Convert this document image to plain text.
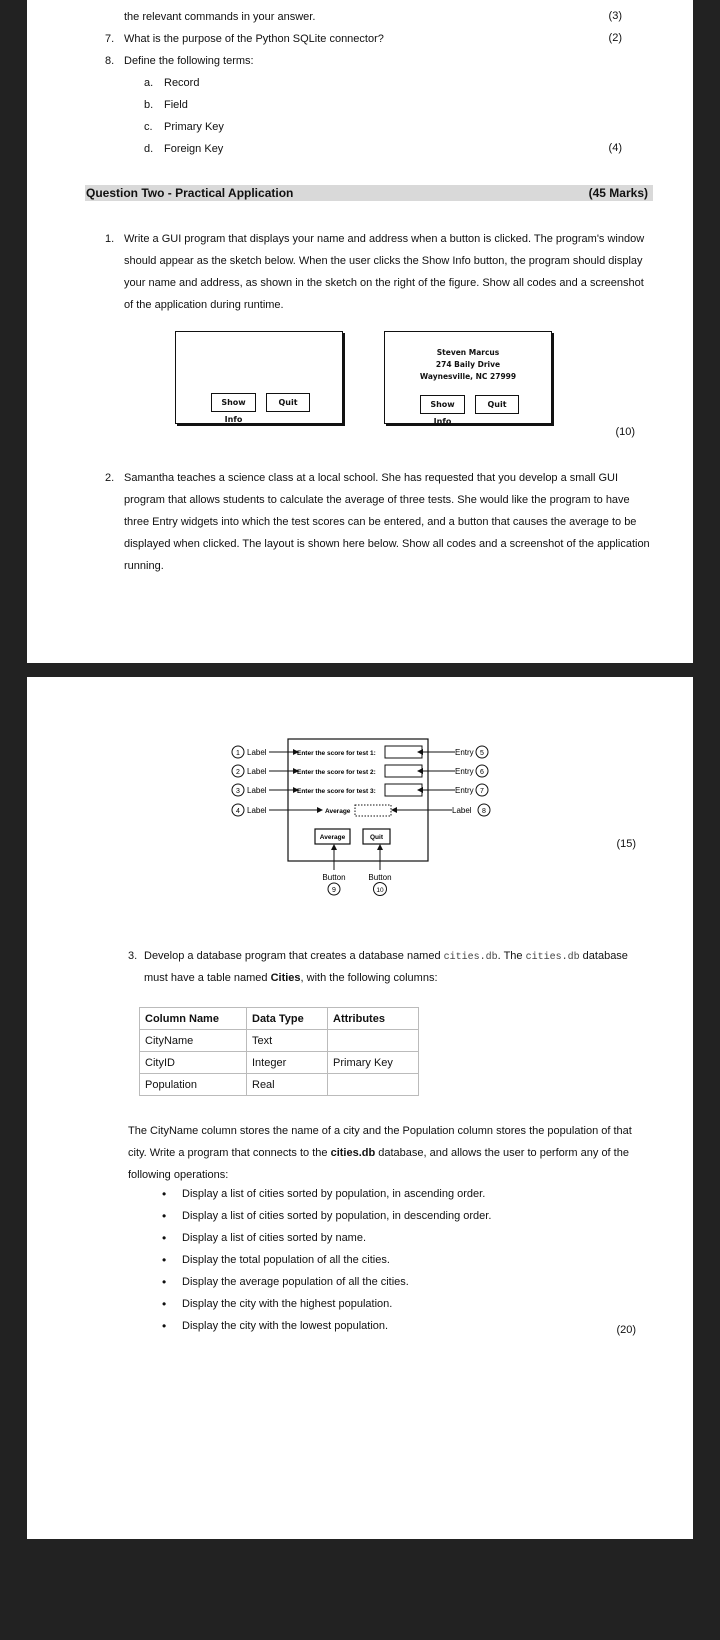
the relevant commands in your answer.	(3)
7. What is the purpose of the Python SQLite connector?	(2)
8. Define the following terms:
a. Record
b. Field
c. Primary Key
d. Foreign Key	(4)
Question Two - Practical Application	(45 Marks)
1. Write a GUI program that displays your name and address when a button is clicked. The program's window
should appear as the sketch below. When the user clicks the Show Info button, the program should display
your name and address, as shown in the sketch on the right of the figure. Show all codes and a screenshot
of the application during runtime.
Show Info
Quit
Steven Marcus
274 Baily Drive
Waynesville, NC 27999
Show Info
Quit
(10)
2. Samantha teaches a science class at a local school. She has requested that you develop a small GUI
program that allows students to calculate the average of three tests. She would like the program to have
three Entry widgets into which the test scores can be entered, and a button that causes the average to be
displayed when clicked. The layout is shown here below. Show all codes and a screenshot of the application
running.
1 Label
2 Label
3 Label
4 Label
Enter the score for test 1:
Enter the score for test 2:
Enter the score for test 3:
Average
Entry 5
Entry 6
Entry 7
Label 8
Average	Quit
Button
9
Button
10
(15)
3. Develop a database program that creates a database named cities.db. The cities.db database
must have a table named Cities, with the following columns:
Column Name	Data Type	Attributes
CityName	Text	
CityID	Integer	Primary Key
Population	Real	
The CityName column stores the name of a city and the Population column stores the population of that
city. Write a program that connects to the cities.db database, and allows the user to perform any of the
following operations:
• Display a list of cities sorted by population, in ascending order.
• Display a list of cities sorted by population, in descending order.
• Display a list of cities sorted by name.
• Display the total population of all the cities.
• Display the average population of all the cities.
• Display the city with the highest population.
• Display the city with the lowest population.	(20)
